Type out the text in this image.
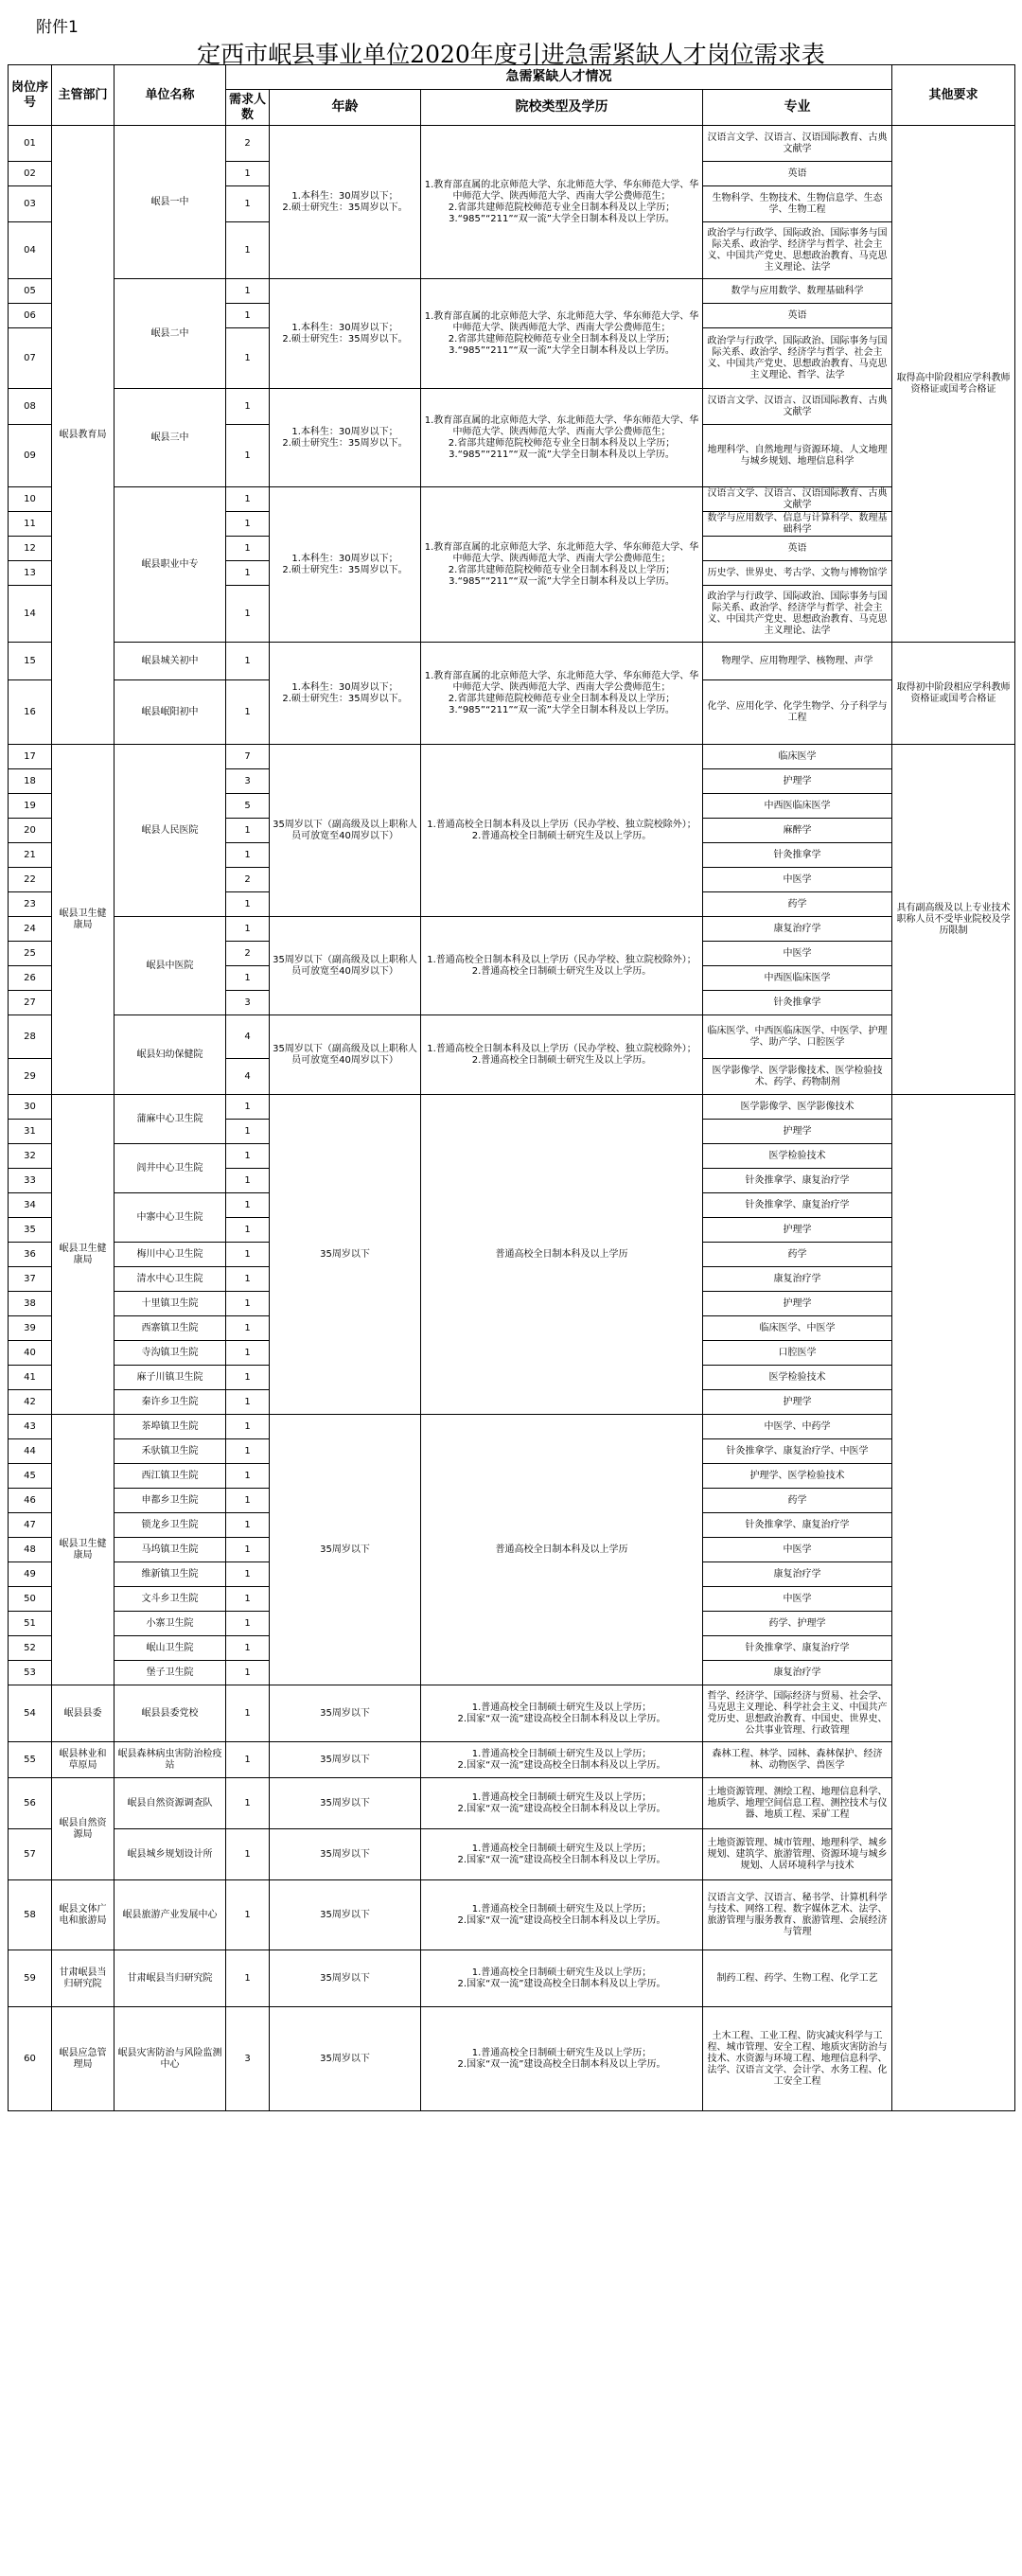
附件1
定西市岷县事业单位2020年度引进急需紧缺人才岗位需求表
岗位序号	主管部门	单位名称	急需紧缺人才情况				其他要求
			需求人数	年龄	院校类型及学历	专业	
01	岷县教育局	岷县一中	2	1.本科生：30周岁以下；
2.硕士研究生：35周岁以下。	1.教育部直属的北京师范大学、东北师范大学、华东师范大学、华中师范大学、陕西师范大学、西南大学公费师范生；
2.省部共建师范院校师范专业全日制本科及以上学历；
3.“985”“211”“双一流”大学全日制本科及以上学历。	汉语言文学、汉语言、汉语国际教育、古典文献学	取得高中阶段相应学科教师资格证或国考合格证
02			1			英语	
03			1			生物科学、生物技术、生物信息学、生态学、生物工程	
04			1			政治学与行政学、国际政治、国际事务与国际关系、政治学、经济学与哲学、社会主义、中国共产党史、思想政治教育、马克思主义理论、法学	
05		岷县二中	1	1.本科生：30周岁以下；
2.硕士研究生：35周岁以下。	1.教育部直属的北京师范大学、东北师范大学、华东师范大学、华中师范大学、陕西师范大学、西南大学公费师范生；
2.省部共建师范院校师范专业全日制本科及以上学历；
3.“985”“211”“双一流”大学全日制本科及以上学历。	数学与应用数学、数理基础科学	
06			1			英语	
07			1			政治学与行政学、国际政治、国际事务与国际关系、政治学、经济学与哲学、社会主义、中国共产党史、思想政治教育、马克思主义理论、哲学、法学	
08		岷县三中	1	1.本科生：30周岁以下；
2.硕士研究生：35周岁以下。	1.教育部直属的北京师范大学、东北师范大学、华东师范大学、华中师范大学、陕西师范大学、西南大学公费师范生；
2.省部共建师范院校师范专业全日制本科及以上学历；
3.“985”“211”“双一流”大学全日制本科及以上学历。	汉语言文学、汉语言、汉语国际教育、古典文献学	
09			1			地理科学、自然地理与资源环境、人文地理与城乡规划、地理信息科学	
10		岷县职业中专	1	1.本科生：30周岁以下；
2.硕士研究生：35周岁以下。	1.教育部直属的北京师范大学、东北师范大学、华东师范大学、华中师范大学、陕西师范大学、西南大学公费师范生；
2.省部共建师范院校师范专业全日制本科及以上学历；
3.“985”“211”“双一流”大学全日制本科及以上学历。	汉语言文学、汉语言、汉语国际教育、古典文献学	
11			1			数学与应用数学、信息与计算科学、数理基础科学	
12			1			英语	
13			1			历史学、世界史、考古学、文物与博物馆学	
14			1			政治学与行政学、国际政治、国际事务与国际关系、政治学、经济学与哲学、社会主义、中国共产党史、思想政治教育、马克思主义理论、法学	
15		岷县城关初中	1	1.本科生：30周岁以下；
2.硕士研究生：35周岁以下。	1.教育部直属的北京师范大学、东北师范大学、华东师范大学、华中师范大学、陕西师范大学、西南大学公费师范生；
2.省部共建师范院校师范专业全日制本科及以上学历；
3.“985”“211”“双一流”大学全日制本科及以上学历。	物理学、应用物理学、核物理、声学	取得初中阶段相应学科教师资格证或国考合格证
16		岷县岷阳初中	1			化学、应用化学、化学生物学、分子科学与工程	
17	岷县卫生健康局	岷县人民医院	7	35周岁以下（副高级及以上职称人员可放宽至40周岁以下）	1.普通高校全日制本科及以上学历（民办学校、独立院校除外）；
2.普通高校全日制硕士研究生及以上学历。	临床医学	具有副高级及以上专业技术职称人员不受毕业院校及学历限制
18			3			护理学	
19			5			中西医临床医学	
20			1			麻醉学	
21			1			针灸推拿学	
22			2			中医学	
23			1			药学	
24		岷县中医院	1	35周岁以下（副高级及以上职称人员可放宽至40周岁以下）	1.普通高校全日制本科及以上学历（民办学校、独立院校除外）；
2.普通高校全日制硕士研究生及以上学历。	康复治疗学	
25			2			中医学	
26			1			中西医临床医学	
27			3			针灸推拿学	
28		岷县妇幼保健院	4	35周岁以下（副高级及以上职称人员可放宽至40周岁以下）	1.普通高校全日制本科及以上学历（民办学校、独立院校除外）；
2.普通高校全日制硕士研究生及以上学历。	临床医学、中西医临床医学、中医学、护理学、助产学、口腔医学	
29			4			医学影像学、医学影像技术、医学检验技术、药学、药物制剂	
30	岷县卫生健康局	蒲麻中心卫生院	1	35周岁以下	普通高校全日制本科及以上学历	医学影像学、医学影像技术	
31			1			护理学	
32		闾井中心卫生院	1			医学检验技术	
33			1			针灸推拿学、康复治疗学	
34		中寨中心卫生院	1			针灸推拿学、康复治疗学	
35			1			护理学	
36		梅川中心卫生院	1			药学	
37		清水中心卫生院	1			康复治疗学	
38		十里镇卫生院	1			护理学	
39		西寨镇卫生院	1			临床医学、中医学	
40		寺沟镇卫生院	1			口腔医学	
41		麻子川镇卫生院	1			医学检验技术	
42		秦许乡卫生院	1			护理学	
43	岷县卫生健康局	茶埠镇卫生院	1	35周岁以下	普通高校全日制本科及以上学历	中医学、中药学	
44		禾驮镇卫生院	1			针灸推拿学、康复治疗学、中医学	
45		西江镇卫生院	1			护理学、医学检验技术	
46		申都乡卫生院	1			药学	
47		锁龙乡卫生院	1			针灸推拿学、康复治疗学	
48		马坞镇卫生院	1			中医学	
49		维新镇卫生院	1			康复治疗学	
50		文斗乡卫生院	1			中医学	
51		小寨卫生院	1			药学、护理学	
52		岷山卫生院	1			针灸推拿学、康复治疗学	
53		堡子卫生院	1			康复治疗学	
54	岷县县委	岷县县委党校	1	35周岁以下	1.普通高校全日制硕士研究生及以上学历；
2.国家“双一流”建设高校全日制本科及以上学历。	哲学、经济学、国际经济与贸易、社会学、马克思主义理论、科学社会主义、中国共产党历史、思想政治教育、中国史、世界史、公共事业管理、行政管理	
55	岷县林业和草原局	岷县森林病虫害防治检疫站	1	35周岁以下	1.普通高校全日制硕士研究生及以上学历；
2.国家“双一流”建设高校全日制本科及以上学历。	森林工程、林学、园林、森林保护、经济林、动物医学、兽医学	
56	岷县自然资源局	岷县自然资源调查队	1	35周岁以下	1.普通高校全日制硕士研究生及以上学历；
2.国家“双一流”建设高校全日制本科及以上学历。	土地资源管理、测绘工程、地理信息科学、地质学、地理空间信息工程、测控技术与仪器、地质工程、采矿工程	
57		岷县城乡规划设计所	1	35周岁以下	1.普通高校全日制硕士研究生及以上学历；
2.国家“双一流”建设高校全日制本科及以上学历。	土地资源管理、城市管理、地理科学、城乡规划、建筑学、旅游管理、资源环境与城乡规划、人居环境科学与技术	
58	岷县文体广电和旅游局	岷县旅游产业发展中心	1	35周岁以下	1.普通高校全日制硕士研究生及以上学历；
2.国家“双一流”建设高校全日制本科及以上学历。	汉语言文学、汉语言、秘书学、计算机科学与技术、网络工程、数字媒体艺术、法学、旅游管理与服务教育、旅游管理、会展经济与管理	
59	甘肃岷县当归研究院	甘肃岷县当归研究院	1	35周岁以下	1.普通高校全日制硕士研究生及以上学历；
2.国家“双一流”建设高校全日制本科及以上学历。	制药工程、药学、生物工程、化学工艺	
60	岷县应急管理局	岷县灾害防治与风险监测中心	3	35周岁以下	1.普通高校全日制硕士研究生及以上学历；
2.国家“双一流”建设高校全日制本科及以上学历。	土木工程、工业工程、防灾减灾科学与工程、城市管理、安全工程、地质灾害防治与技术、水资源与环境工程、地理信息科学、法学、汉语言文学、会计学、水务工程、化工安全工程	
